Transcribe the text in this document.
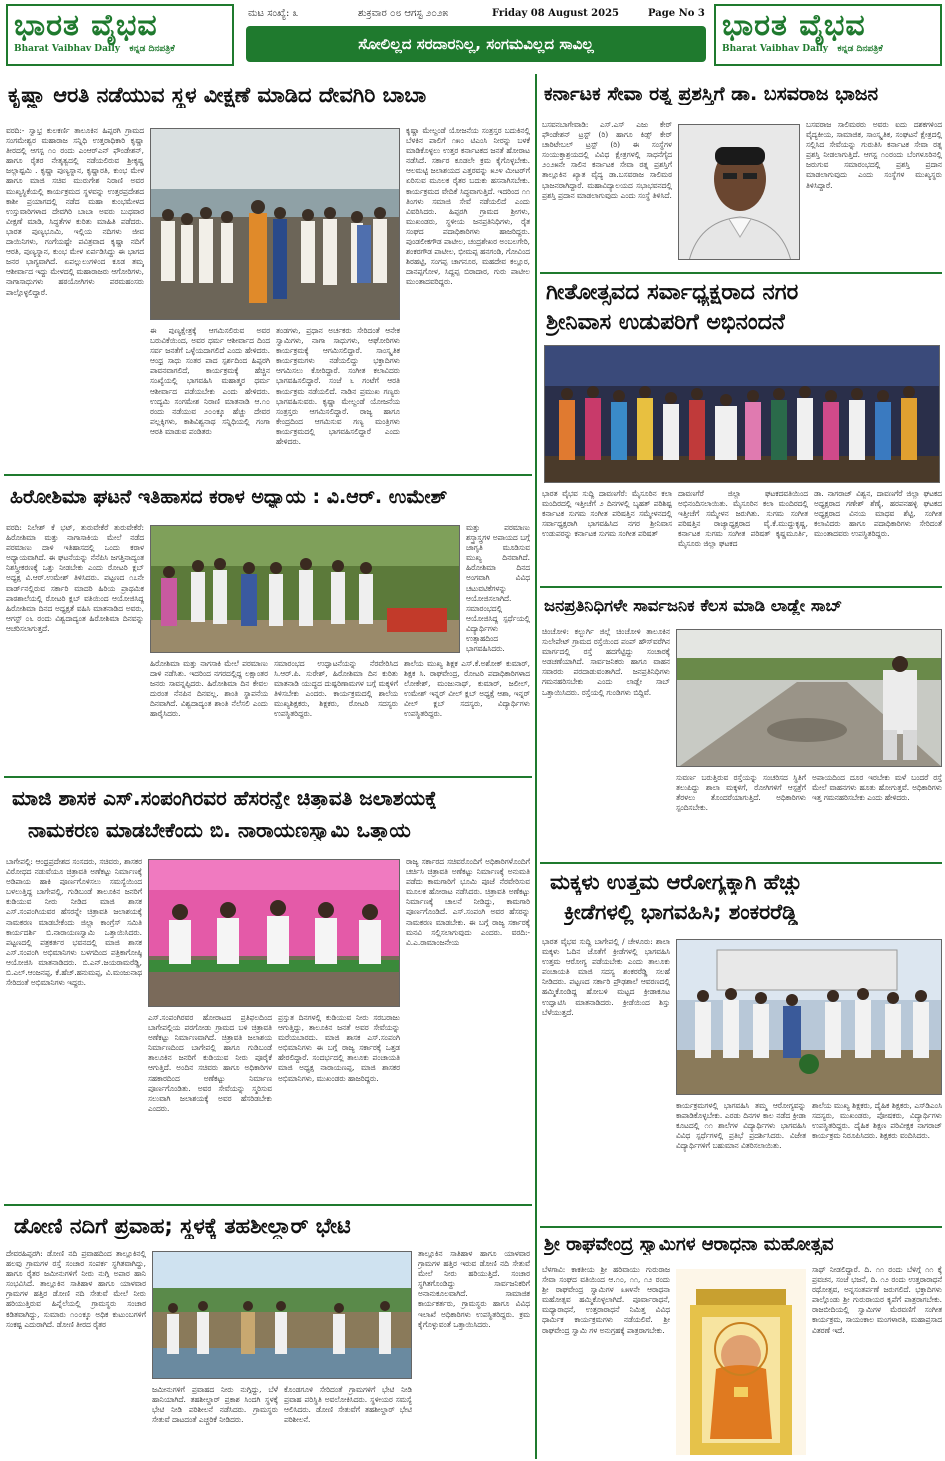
ಭಾರತ ವೈಭವ
Bharat Vaibhav Daily ಕನ್ನಡ ದಿನಪತ್ರಿಕೆ
ಮಟ ಸಂಖ್ಯೆ: ೩	ಶುಕ್ರವಾರ ೦೮ ಆಗಸ್ಟ ೨೦೨೫	Friday 08 August 2025	Page No 3
ಸೋಲಿಲ್ಲದ ಸರದಾರನಿಲ್ಲ, ಸಂಗಮವಿಲ್ಲದ ಸಾವಿಲ್ಲ
ಭಾರತ ವೈಭವ
Bharat Vaibhav Daily ಕನ್ನಡ ದಿನಪತ್ರಿಕೆ
ಕೃಷ್ಣಾ ಆರತಿ ನಡೆಯುವ ಸ್ಥಳ ವೀಕ್ಷಣೆ ಮಾಡಿದ ದೇವಗಿರಿ ಬಾಬಾ
ವರದಿ:- ಸ್ವಾಭ್ರ ಕುಲಕರ್ಣಿ ತಾಲೂಕಿನ ಹಿಪ್ಪರಗಿ ಗ್ರಾಮದ ಸಂಗಮೇಶ್ವರ ಮಹಾರಾಜ ಸನ್ನಿಧಿ ಉತ್ತರಾಧಿಕಾರಿ ಕೃಷ್ಣಾ ತೀರದಲ್ಲಿ ಆಗಸ್ಟ ೧೦ ರಂದು ಎಂಆರ್‌ಎನ್ ಫೌಂಡೇಶನ್, ಹಾಗೂ ರೈತರ ನೇತೃತ್ವದಲ್ಲಿ ನಡೆಯಲಿರುವ ಶ್ರೀಕೃಷ್ಣ ಜಲ್ಲಾಷ್ಟಮಿ . ಕೃಷ್ಣಾ ಪುಣ್ಯಸ್ನಾನ, ಕೃಷ್ಣಾರತಿ, ಕುಂಭ ಮೇಳ ಹಾಗೂ ಮಾಜಿ ಸಚಿವ ಮುರುಗೇಶ ನಿರಾಣಿ ಅವರ ಮುಖ್ಯಸ್ಥಿಕೆಯಲ್ಲಿ ಕಾರ್ಯಕ್ರಮದ ಸ್ಥಳವನ್ನು ಉತ್ತರಪ್ರದೇಶದ ಕಾಶೀ ಪ್ರಯಾಗದಲ್ಲಿ ನಡೆದ ಮಹಾ ಕುಂಭಮೇಳದ ಉಸ್ತುವಾರಿಗಳಾದ ದೇವಗಿರಿ ಬಾಬಾ ಅವರು ಬುಧವಾರ ವೀಕ್ಷಣೆ ಮಾಡಿ, ಸಿದ್ಧತೆಗಳ ಕುರಿತು ಮಾಹಿತಿ ಪಡೆದರು. ಭಾರತ ಪುಣ್ಯಭೂಮಿ, ಇಲ್ಲಿಯ ನದಿಗಳು ಜೀವ ದಾಯಿನಿಗಳು, ಗಂಗೆಯಷ್ಟೇ ಪವಿತ್ರವಾದ ಕೃಷ್ಣಾ ನದಿಗೆ ಆರತಿ, ಪುಣ್ಯಸ್ನಾನ, ಕುಂಭ ಮೇಳ ಏರ್ಪಡಿಸಿದ್ದು ಈ ಭಾಗದ ಜನರ ಭಾಗ್ಯವಾಗಿದೆ. ಏಪಲ್ಲುಲುಗಳಿಂದ ಕೂಡ ತಮ್ಮ ಆಶೀರ್ವಾದ ಇದ್ದು ಮೇಳದಲ್ಲಿ ಮಹಾರಾಜರು ಆಗೋರಿಗಳು, ನಾಗಾಸಾಧುಗಳು ಹಠಯೋಗಿಗಳು ಪರಮಹಂಸರು ಪಾಲ್ಗೊಳ್ಳಲಿದ್ದಾರೆ.
ಕೃಷ್ಣಾ ಮೇಲ್ದಂಡೆ ಯೋಜನೆಯ ಸಂತ್ರಸ್ತರ ಬದುಕಿನಲ್ಲಿ ಬೆಳಕಿನ ಪಾಲಿಗೆ ೧೫೦ ಟಿಎಂಸಿ ನೀರನ್ನು ಬಳಕೆ ಮಾಡಿಕೊಳ್ಳಲು ಉತ್ತರ ಕರ್ನಾಟಕದ ಜನತೆ ಹೋರಾಟ ನಡೆಸಿದೆ. ಸರ್ಕಾರ ಕೂಡಲೇ ಕ್ರಮ ಕೈಗೊಳ್ಳಬೇಕು. ಆಲಮಟ್ಟಿ ಜಲಾಶಯದ ಎತ್ತರವನ್ನು ೫೨೪ ಮೀಟರ್‌ಗೆ ಏರಿಸುವ ಮೂಲಕ ರೈತರ ಬದುಕು ಹಸನಾಗಿಸಬೇಕು. ಕಾರ್ಯಕ್ರಮದ ವೇದಿಕೆ ಸಿದ್ಧವಾಗುತ್ತಿದೆ. ಇದರಿಂದ ೧೧ ತಿಂಗಳು ಸಮಾಜಿ ಸೇವೆ ನಡೆಯಲಿದೆ ಎಂದು ವಿವರಿಸಿದರು. ಹಿಪ್ಪರಗಿ ಗ್ರಾಮದ ಶ್ರೀಗಳು, ಮುಖಂಡರು, ಸ್ಥಳೀಯ ಜನಪ್ರತಿನಿಧಿಗಳು, ರೈತ ಸಂಘದ ಪದಾಧಿಕಾರಿಗಳು ಹಾಜರಿದ್ದರು. ಪುಂಡಲೀಕಗೌಡ ಪಾಟೀಲ, ಚಂದ್ರಶೇಖರ ಅಂಬಲಗೇರಿ, ಶಂಕರಗೌಡ ಪಾಟೀಲ, ಭೀಮಪ್ಪ ಹನಗಂಡಿ, ಗೋವಿಂದ ಶಿರಹಟ್ಟಿ, ಸಂಗಪ್ಪ ಚಾಗನೂರ, ಮಹದೇವ ಕಲ್ಲೂರ, ದಾನಪ್ಪಗೋಳ, ಸಿದ್ದಪ್ಪ ಬಿರಾದಾರ, ಗುರು ಪಾಟೀಲ ಮುಂತಾದವರಿದ್ದರು.
ಈ ಪುಣ್ಯಕ್ಷೇತ್ರಕ್ಕೆ ಆಗಮಿಸಲಿರುವ ಅವರ ಬರುವಿಕೆಯಿಂದ, ಅವರ ಧರ್ಮ ಆಶೀರ್ವಾದ ದಿಂದ ಸರ್ವ ಜನತೆಗೆ ಒಳ್ಳೆಯದಾಗಲಿದೆ ಎಂದು ಹೇಳಿದರು. ಆಂಧ್ರ ಸಾಧು ಸಂತರ ಪಾದ ಸ್ಪರ್ಶದಿಂದ ಹಿಪ್ಪರಗಿ ಪಾವನವಾಗಲಿದೆ, ಕಾರ್ಯಕ್ರಮಕ್ಕೆ ಹೆಚ್ಚಿನ ಸಂಖ್ಯೆಯಲ್ಲಿ ಭಾಗವಹಿಸಿ ಮಹಾತ್ಮರ ಧರ್ಮ ಆಶೀರ್ವಾದ ಪಡೆಯಬೇಕು ಎಂದು ಹೇಳಿದರು. ಉದ್ಯಮಿ ಸಂಗಮೇಶ ನಿರಾಣಿ ಮಾತನಾಡಿ ಆ.೧೦ ರಂದು ನಡೆಯುವ ೨೦೦ಕ್ಕೂ ಹೆಚ್ಚು ದೇವರ ಪಲ್ಲಕ್ಕಿಗಳು, ಕಾಶಿವಿಶ್ವನಾಥ ಸನ್ನಿಧಿಯಲ್ಲಿ ಗಂಗಾ ಆರತಿ ಮಾಡುವ ಪಂಡಿತರು
ತಂಡಗಳು, ಪ್ರಧಾನ ಅರ್ಚಕರು ಸೇರಿದಂತೆ ಆನೇಕ ಸ್ವಾಮಿಗಳು, ನಾಗಾ ಸಾಧುಗಳು, ಆಘೋರಿಗಳು ಕಾರ್ಯಕ್ರಮಕ್ಕೆ ಆಗಮಿಸಲಿದ್ದಾರೆ. ಸಾಂಸ್ಕೃತಿಕ ಕಾರ್ಯಕ್ರಮಗಳು ನಡೆಯಲಿದ್ದು ಭಕ್ತಾದಿಗಳು ಆಗಮಿಸಲು ಕೋರಿದ್ದಾರೆ. ಸಂಗೀತ ಕಲಾವಿದರು ಭಾಗವಹಿಸಲಿದ್ದಾರೆ. ಸಂಜೆ ೬ ಗಂಟೆಗೆ ಆರತಿ ಕಾರ್ಯಕ್ರಮ ನಡೆಯಲಿದೆ. ನಾಡಿನ ಪ್ರಮುಖ ಗಣ್ಯರು ಭಾಗವಹಿಸುವರು. ಕೃಷ್ಣಾ ಮೇಲ್ದಂಡೆ ಯೋಜನೆಯ ಸಂತ್ರಸ್ತರು ಆಗಮಿಸಲಿದ್ದಾರೆ. ರಾಜ್ಯ ಹಾಗೂ ಕೇಂದ್ರದಿಂದ ಆಗಮಿಸುವ ಗಣ್ಯ ಮಂತ್ರಿಗಳು ಕಾರ್ಯಕ್ರಮದಲ್ಲಿ ಭಾಗವಹಿಸಲಿದ್ದಾರೆ ಎಂದು ಹೇಳಿದರು.
ಹಿರೋಶಿಮಾ ಘಟನೆ ಇತಿಹಾಸದ ಕರಾಳ ಅಧ್ಯಾಯ : ವಿ.ಆರ್. ಉಮೇಶ್
ವರದಿ: ನಿಲೇಶ್ ಕೆ ಭಟ್, ತುರುವೇಕೆರೆ ತುರುವೇಕೆರೆ: ಹಿರೋಶಿಮಾ ಮತ್ತು ನಾಗಾಸಾಕಿಯ ಮೇಲೆ ನಡೆದ ಪರಮಾಣು ದಾಳಿ ಇತಿಹಾಸದಲ್ಲಿ ಒಂದು ಕರಾಳ ಅಧ್ಯಾಯವಾಗಿದೆ. ಈ ಘಟನೆಯನ್ನು ನೆನೆಪಿಸಿ ಜಗತ್ತಿನಾದ್ಯಂತ ನಿಶಸ್ತ್ರೀಕರಣಕ್ಕೆ ಒತ್ತು ನೀಡಬೇಕು ಎಂದು ರೋಟರಿ ಕ್ಲಬ್ ಅಧ್ಯಕ್ಷ ವಿ.ಆರ್.ಉಮೇಶ್ ತಿಳಿಸಿದರು. ಪಟ್ಟಣದ ೧೭ನೇ ವಾರ್ಡ್‌ನಲ್ಲಿರುವ ಸರ್ಕಾರಿ ಮಾದರಿ ಹಿರಿಯ ಪ್ರಾಥಮಿಕ ಪಾಠಶಾಲೆಯಲ್ಲಿ ರೋಟರಿ ಕ್ಲಬ್ ವತಿಯಿಂದ ಆಯೋಜಿಸಿದ್ದ ಹಿರೋಶಿಮಾ ದಿನದ ಅಧ್ಯಕ್ಷತೆ ವಹಿಸಿ ಮಾತನಾಡಿದ ಅವರು, ಆಗಸ್ಟ್ ೦೬ ರಂದು ವಿಶ್ವದಾದ್ಯಂತ ಹಿರೋಶಿಮಾ ದಿನವನ್ನು ಆಚರಿಸಲಾಗುತ್ತದೆ.
ಮತ್ತು ಪರಮಾಣು ಶಸ್ತ್ರಾಸ್ತ್ರಗಳ ಅಪಾಯದ ಬಗ್ಗೆ ಜಾಗೃತಿ ಮೂಡಿಸುವ ಮುಖ್ಯ ದಿನವಾಗಿದೆ. ಹಿರೋಶಿಮಾ ದಿನದ ಅಂಗವಾಗಿ ವಿವಿಧ ಚಟುವಟಿಕೆಗಳನ್ನು ಆಯೋಜಿಸಲಾಗಿದೆ. ಸಮಾರಂಭದಲ್ಲಿ ಆಯೋಜಿಸಿದ್ದ ಸ್ಪರ್ಧೆಯಲ್ಲಿ ವಿದ್ಯಾರ್ಥಿಗಳು ಉತ್ಸಾಹದಿಂದ ಭಾಗವಹಿಸಿದರು.
ಹಿರೋಶಿಮಾ ಮತ್ತು ನಾಗಸಾಕಿ ಮೇಲೆ ಪರಮಾಣು ದಾಳಿ ನಡೆಸಿತು. ಇದರಿಂದ ನಗರದಲ್ಲಿದ್ದ ಲಕ್ಷಾಂತರ ಜನರು ಸಾವನ್ನಪ್ಪಿದರು. ಹಿರೋಶಿಮಾ ದಿನ ಕೇವಲ ದುರಂತ ನೆನಪಿನ ದಿನವಲ್ಲ. ಶಾಂತಿ ಸ್ಥಾಪನೆಯ ದಿನವಾಗಿದೆ. ವಿಶ್ವದಾದ್ಯಂತ ಶಾಂತಿ ನೆಲೆಸಲಿ ಎಂದು ಹಾರೈಸಿದರು.
ಸಮಾರಂಭದ ಉದ್ಘಾಟನೆಯನ್ನು ನೆರವೇರಿಸಿದ ಸಿ.ಆರ್.ಪಿ. ಸುರೇಶ್, ಹಿರೋಶಿಮಾ ದಿನ ಕುರಿತು ಮಾತನಾಡಿ ಯುದ್ಧದ ದುಷ್ಪರಿಣಾಮಗಳ ಬಗ್ಗೆ ಮಕ್ಕಳಿಗೆ ತಿಳಿಸಬೇಕು ಎಂದರು. ಕಾರ್ಯಕ್ರಮದಲ್ಲಿ ಶಾಲೆಯ ಮುಖ್ಯಶಿಕ್ಷಕರು, ಶಿಕ್ಷಕರು, ರೋಟರಿ ಸದಸ್ಯರು ಉಪಸ್ಥಿತರಿದ್ದರು.
ಶಾಲೆಯ ಮುಖ್ಯ ಶಿಕ್ಷಕ ಎಸ್.ಕೆ.ಅಶೋಕ್ ಕುಮಾರ್, ಶಿಕ್ಷಕ ಸಿ. ರಾಘವೇಂದ್ರ, ರೋಟರಿ ಪದಾಧಿಕಾರಿಗಳಾದ ಲೋಕೇಶ್, ಮಂಜುನಾಥ್, ಕುಮಾರ್, ಜಲೀಲ್, ಉಮೇಶ್ ಇನ್ನರ್ ವೀಲ್ ಕ್ಲಬ್ ಅಧ್ಯಕ್ಷೆ ಆಶಾ, ಇನ್ನರ್ ವೀಲ್ ಕ್ಲಬ್ ಸದಸ್ಯರು, ವಿದ್ಯಾರ್ಥಿಗಳು ಉಪಸ್ಥಿತರಿದ್ದರು.
ಮಾಜಿ ಶಾಸಕ ಎಸ್.ಸಂಪಂಗಿರವರ ಹೆಸರನ್ನೇ ಚಿತ್ರಾವತಿ ಜಲಾಶಯಕ್ಕೆ
ನಾಮಕರಣ ಮಾಡಬೇಕೆಂದು ಬಿ. ನಾರಾಯಣಸ್ವಾಮಿ ಒತ್ತಾಯ
ಬಾಗೇಪಲ್ಲಿ: ಆಂಧ್ರಪ್ರದೇಶದ ಸಂಸದರು, ಸಚಿವರು, ಶಾಸಕರ ವಿರೋಧದ ನಡುವೆಯೂ ಚಿತ್ರಾವತಿ ಅಣೆಕಟ್ಟು ನಿರ್ಮಾಣಕ್ಕೆ ಅಡಿಪಾಯ ಹಾಕಿ ಪೂರ್ಣಗೊಳಿಸಲು ಸಮಸ್ಯೆಯಿಂದ ಬಳಲುತ್ತಿದ್ದ ಬಾಗೇಪಲ್ಲಿ, ಗುಡಿಬಂಡೆ ತಾಲೂಕಿನ ಜನರಿಗೆ ಕುಡಿಯುವ ನೀರು ನೀಡಿದ ಮಾಜಿ ಶಾಸಕ ಎಸ್.ಸಂಪಂಗಿಯವರ ಹೆಸರನ್ನೇ ಚಿತ್ರಾವತಿ ಜಲಾಶಯಕ್ಕೆ ನಾಮಕರಣ ಮಾಡಬೇಕೆಂದು ಜಿಲ್ಲಾ ಕಾಂಗ್ರೆಸ್ ಸಮಿತಿ ಕಾರ್ಯದರ್ಶಿ ಬಿ.ನಾರಾಯಣಸ್ವಾಮಿ ಒತ್ತಾಯಿಸಿದರು. ಪಟ್ಟಣದಲ್ಲಿ ಪತ್ರಕರ್ತರ ಭವನದಲ್ಲಿ ಮಾಜಿ ಶಾಸಕ ಎಸ್.ಸಂಪಂಗಿ ಅಭಿಮಾನಿಗಳು ಬಳಗದಿಂದ ಪತ್ರಿಕಾಗೋಷ್ಠಿ ಆಯೋಜಿಸಿ ಮಾತನಾಡಿದರು. ಬಿ.ಎನ್.ಜಯರಾಮರೆಡ್ಡಿ, ಬಿ.ಎಲ್.ಆಂಜನಪ್ಪ, ಕೆ.ಹೆಚ್.ಹನುಮಪ್ಪ, ವಿ.ಮಂಜುನಾಥ ಸೇರಿದಂತೆ ಅಭಿಮಾನಿಗಳು ಇದ್ದರು.
ಎಸ್.ಸಂಪಂಗಿರವರ ಹೋರಾಟದ ಪ್ರತಿಫಲದಿಂದ ಬಾಗೇಪಲ್ಲಿಯ ಪರಗೋಡು ಗ್ರಾಮದ ಬಳಿ ಚಿತ್ರಾವತಿ ಅಣೆಕಟ್ಟು ನಿರ್ಮಾಣವಾಗಿದೆ. ಚಿತ್ರಾವತಿ ಜಲಾಶಯ ನಿರ್ಮಾಣದಿಂದ ಬಾಗೇಪಲ್ಲಿ ಹಾಗೂ ಗುಡಿಬಂಡೆ ತಾಲೂಕಿನ ಜನರಿಗೆ ಕುಡಿಯುವ ನೀರು ಪೂರೈಕೆ ಆಗುತ್ತಿದೆ. ಅಂದಿನ ಸಚಿವರು ಹಾಗೂ ಅಧಿಕಾರಿಗಳ ಸಹಕಾರದಿಂದ ಅಣೆಕಟ್ಟು ನಿರ್ಮಾಣ ಪೂರ್ಣಗೊಂಡಿತು. ಅವರ ಸೇವೆಯನ್ನು ಸ್ಮರಿಸುವ ಸಲುವಾಗಿ ಜಲಾಶಯಕ್ಕೆ ಅವರ ಹೆಸರಿಡಬೇಕು ಎಂದರು.
ಪ್ರಸ್ತುತ ದಿನಗಳಲ್ಲಿ ಕುಡಿಯುವ ನೀರು ಸರಬರಾಜು ಆಗುತ್ತಿದ್ದು, ತಾಲೂಕಿನ ಜನತೆ ಅವರ ಸೇವೆಯನ್ನು ಮರೆಯಬಾರದು. ಮಾಜಿ ಶಾಸಕ ಎಸ್.ಸಂಪಂಗಿ ಅಭಿಮಾನಿಗಳು ಈ ಬಗ್ಗೆ ರಾಜ್ಯ ಸರ್ಕಾರಕ್ಕೆ ಒತ್ತಡ ಹೇರಲಿದ್ದಾರೆ. ಸಂದರ್ಭದಲ್ಲಿ ತಾಲೂಕು ಪಂಚಾಯತಿ ಮಾಜಿ ಅಧ್ಯಕ್ಷ ನಾರಾಯಣಪ್ಪ, ಮಾಜಿ ಶಾಸಕರ ಅಭಿಮಾನಿಗಳು, ಮುಖಂಡರು ಹಾಜರಿದ್ದರು.
ರಾಜ್ಯ ಸರ್ಕಾರದ ಸಚಿವರೊಂದಿಗೆ ಅಧಿಕಾರಿಗಳೊಂದಿಗೆ ಚರ್ಚಿಸಿ ಚಿತ್ರಾವತಿ ಅಣೆಕಟ್ಟು ನಿರ್ಮಾಣಕ್ಕೆ ಅನುಮತಿ ಪಡೆದು ಕಾಮಗಾರಿಗೆ ಭೂಮಿ ಪೂಜೆ ನೆರವೇರಿಸುವ ಮೂಲಕ ಹೋರಾಟ ನಡೆಸಿದರು. ಚಿತ್ರಾವತಿ ಅಣೆಕಟ್ಟು ನಿರ್ಮಾಣಕ್ಕೆ ಚಾಲನೆ ನೀಡಿದ್ದು, ಕಾಮಗಾರಿ ಪೂರ್ಣಗೊಂಡಿದೆ. ಎಸ್.ಸಂಪಂಗಿ ಅವರ ಹೆಸರನ್ನು ನಾಮಕರಣ ಮಾಡಬೇಕು. ಈ ಬಗ್ಗೆ ರಾಜ್ಯ ಸರ್ಕಾರಕ್ಕೆ ಮನವಿ ಸಲ್ಲಿಸಲಾಗುವುದು ಎಂದರು. ವರದಿ:-ವಿ.ಎ.ರಾಮಾಂಜನೇಯ
ಡೋಣಿ ನದಿಗೆ ಪ್ರವಾಹ; ಸ್ಥಳಕ್ಕೆ ತಹಶೀಲ್ದಾರ್ ಭೇಟಿ
ದೇವರಹಿಪ್ಪರಗಿ: ಡೋಣಿ ನದಿ ಪ್ರವಾಹದಿಂದ ತಾಲ್ಲೂಕಿನಲ್ಲಿ ಹಲವು ಗ್ರಾಮಗಳ ರಸ್ತೆ ಸಂಚಾರ ಸಂಪರ್ಕ ಸ್ಥಗಿತವಾಗಿದ್ದು, ಹಾಗೂ ರೈತರ ಜಮೀನುಗಳಿಗೆ ನೀರು ನುಗ್ಗಿ ಅಪಾರ ಹಾನಿ ಸಂಭವಿಸಿದೆ. ತಾಲ್ಲೂಕಿನ ಸಾತಿಹಾಳ ಹಾಗೂ ಯಾಳವಾರ ಗ್ರಾಮಗಳ ಹತ್ತಿರ ಡೋಣಿ ನದಿ ಸೇತುವೆ ಮೇಲೆ ನೀರು ಹರಿಯುತ್ತಿರುವ ಹಿನ್ನೆಲೆಯಲ್ಲಿ ಗ್ರಾಮಸ್ಥರು ಸಂಚಾರ ಕಡಿತವಾಗಿದ್ದು, ಸುಮಾರು ೧೦೦ಕ್ಕೂ ಅಧಿಕ ಕುಟುಂಬಗಳಿಗೆ ಸಂಕಷ್ಟ ಎದುರಾಗಿದೆ. ಡೋಣಿ ತೀರದ ರೈತರ
ತಾಲ್ಲೂಕಿನ ಸಾತಿಹಾಳ ಹಾಗೂ ಯಾಳವಾರ ಗ್ರಾಮಗಳ ಹತ್ತಿರ ಇರುವ ಡೋಣಿ ನದಿ ಸೇತುವೆ ಮೇಲೆ ನೀರು ಹರಿಯುತ್ತಿದೆ. ಸಂಚಾರ ಸ್ಥಗಿತಗೊಂಡಿದ್ದು ಸಾರ್ವಜನಿಕರಿಗೆ ಅನಾನುಕೂಲವಾಗಿದೆ. ಸಾಮಾಜಿಕ ಕಾರ್ಯಕರ್ತರು, ಗ್ರಾಮಸ್ಥರು ಹಾಗೂ ವಿವಿಧ ಇಲಾಖೆ ಅಧಿಕಾರಿಗಳು ಉಪಸ್ಥಿತರಿದ್ದರು. ಕ್ರಮ ಕೈಗೊಳ್ಳುವಂತೆ ಒತ್ತಾಯಿಸಿದರು.
ಜಮೀನುಗಳಿಗೆ ಪ್ರವಾಹದ ನೀರು ನುಗ್ಗಿದ್ದು, ಬೆಳೆ ಹಾನಿಯಾಗಿದೆ. ತಹಶೀಲ್ದಾರ್ ಪ್ರಕಾಶ ಸಿಂದಗಿ ಸ್ಥಳಕ್ಕೆ ಭೇಟಿ ನೀಡಿ ಪರಿಶೀಲನೆ ನಡೆಸಿದರು. ಗ್ರಾಮಸ್ಥರು ಸೇತುವೆ ದಾಟದಂತೆ ಎಚ್ಚರಿಕೆ ನೀಡಿದರು.
ಕೊಂಡಗೂಳಿ ಸೇರಿದಂತೆ ಗ್ರಾಮಗಳಿಗೆ ಭೇಟಿ ನೀಡಿ ಪ್ರವಾಹ ಪರಿಸ್ಥಿತಿ ಅವಲೋಕಿಸಿದರು. ಸ್ಥಳೀಯರ ಸಮಸ್ಯೆ ಆಲಿಸಿದರು. ಡೋಣಿ ಸೇತುವೆಗೆ ತಹಶೀಲ್ದಾರ್ ಭೇಟಿ ಪರಿಶೀಲನೆ.
ಕರ್ನಾಟಕ ಸೇವಾ ರತ್ನ ಪ್ರಶಸ್ತಿಗೆ ಡಾ. ಬಸವರಾಜ ಭಾಜನ
ಬಸವನಬಾಗೇವಾಡಿ: ಎಸ್.ಎಸ್ ಎಜು ಕೇರ್ ಫೌಂಡೇಶನ್ ಟ್ರಸ್ಟ್ (ರಿ) ಹಾಗೂ ಕಿಡ್ಸ್ ಕೇರ್ ಚಾರಿಟೇಬಲ್ ಟ್ರಸ್ಟ್ (ರಿ) ಈ ಸಂಸ್ಥೆಗಳ ಸಂಯುಕ್ತಾಶ್ರಯದಲ್ಲಿ ವಿವಿಧ ಕ್ಷೇತ್ರಗಳಲ್ಲಿ ಸಾಧನೆಗೈದ ೨೦೨೫ನೇ ಸಾಲಿನ ಕರ್ನಾಟಕ ಸೇವಾ ರತ್ನ ಪ್ರಶಸ್ತಿಗೆ ತಾಲ್ಲೂಕಿನ ಖ್ಯಾತ ವೈದ್ಯ ಡಾ.ಬಸವರಾಜ ಸಾಲಿಮಠ ಭಾಜನರಾಗಿದ್ದಾರೆ. ಮಹಾವಿದ್ಯಾಲಯದ ಸಭಾಭವನದಲ್ಲಿ ಪ್ರಶಸ್ತಿ ಪ್ರದಾನ ಮಾಡಲಾಗುವುದು ಎಂದು ಸಂಸ್ಥೆ ತಿಳಿಸಿದೆ.
ಬಸವರಾಜ ಸಾಲಿಮಠರು ಅವರು ಐದು ದಶಕಗಳಿಂದ ವೈದ್ಯಕೀಯ, ಸಾಮಾಜಿಕ, ಸಾಂಸ್ಕೃತಿಕ, ಸಂಘಟನೆ ಕ್ಷೇತ್ರದಲ್ಲಿ ಸಲ್ಲಿಸಿದ ಸೇವೆಯನ್ನು ಗುರುತಿಸಿ ಕರ್ನಾಟಕ ಸೇವಾ ರತ್ನ ಪ್ರಶಸ್ತಿ ನೀಡಲಾಗುತ್ತಿದೆ. ಆಗಸ್ಟ ೧೦ರಂದು ಬೆಂಗಳೂರಿನಲ್ಲಿ ಜರುಗುವ ಸಮಾರಂಭದಲ್ಲಿ ಪ್ರಶಸ್ತಿ ಪ್ರದಾನ ಮಾಡಲಾಗುವುದು ಎಂದು ಸಂಸ್ಥೆಗಳ ಮುಖ್ಯಸ್ಥರು ತಿಳಿಸಿದ್ದಾರೆ.
ಗೀತೋತ್ಸವದ ಸರ್ವಾಧ್ಯಕ್ಷರಾದ ನಗರ
ಶ್ರೀನಿವಾಸ ಉಡುಪರಿಗೆ ಅಭಿನಂದನೆ
ಭಾರತ ವೈಭವ ಸುದ್ದಿ ದಾವಣಗೆರೆ: ಮೈಸೂರಿನ ಕಲಾ ಮಂದಿರದಲ್ಲಿ ಇತ್ತೀಚೆಗೆ ೨ ದಿನಗಳಲ್ಲಿ ಬೃಹತ್ ಪರಿಶಿಷ್ಟ ಕರ್ನಾಟಕ ಸುಗಮ ಸಂಗೀತ ಪರಿಷತ್ತಿನ ಸಮ್ಮೇಳನದಲ್ಲಿ ಸರ್ವಾಧ್ಯಕ್ಷರಾಗಿ ಭಾಗವಹಿಸಿದ ನಗರ ಶ್ರೀನಿವಾಸ ಉಡುಪರನ್ನು ಕರ್ನಾಟಕ ಸುಗಮ ಸಂಗೀತ ಪರಿಷತ್
ದಾವಣಗೆರೆ ಜಿಲ್ಲಾ ಘಟಕದವತಿಯಿಂದ ಅಭಿನಂದಿಸಲಾಯಿತು. ಮೈಸೂರಿನ ಕಲಾ ಮಂದಿರದಲ್ಲಿ ಇತ್ತೀಚೆಗೆ ಸಮ್ಮೇಳನ ಜರುಗಿತು. ಸುಗಮ ಸಂಗೀತ ಪರಿಷತ್ತಿನ ರಾಜ್ಯಾಧ್ಯಕ್ಷರಾದ ವೈ.ಕೆ.ಮುದ್ದುಕೃಷ್ಣ, ಕರ್ನಾಟಕ ಸುಗಮ ಸಂಗೀತ ಪರಿಷತ್ ಕೃಷ್ಣಮೂರ್ತಿ, ಮೈಸೂರು ಜಿಲ್ಲಾ ಘಟಕದ
ಡಾ. ನಾಗರಾಜ್ ವಿಶ್ವನ, ದಾವಣಗೆರೆ ಜಿಲ್ಲಾ ಘಟಕದ ಅಧ್ಯಕ್ಷರಾದ ಗಣೇಶ್ ಶೆಣೈ, ಹರಪನಹಳ್ಳಿ ಘಟಕದ ಅಧ್ಯಕ್ಷರಾದ ವಿನಯ ಮಾಧವ ಶೆಟ್ಟಿ, ಸಂಗೀತ ಕಲಾವಿದರು ಹಾಗೂ ಪದಾಧಿಕಾರಿಗಳು ಸೇರಿದಂತೆ ಮುಂತಾದವರು ಉಪಸ್ಥಿತರಿದ್ದರು.
ಜನಪ್ರತಿನಿಧಿಗಳೇ ಸಾರ್ವಜನಿಕ ಕೆಲಸ ಮಾಡಿ ಲಾಡ್ಲೇ ಸಾಬ್
ಚಿಂಚೋಳಿ: ಕಲ್ಬುರ್ಗಿ ಜಿಲ್ಲೆ ಚಿಂಚೋಳಿ ತಾಲೂಕಿನ ಸುಲೇಪೇಟ್ ಗ್ರಾಮದ ರಸ್ತೆಯಿಂದ ಪಂಪ್ ಹೌಸ್‌ವರೆಗಿನ ಮಾರ್ಗದಲ್ಲಿ ರಸ್ತೆ ಹದಗೆಟ್ಟಿದ್ದು ಸಂಚಾರಕ್ಕೆ ಅಡಚಣೆಯಾಗಿದೆ. ಸಾರ್ವಜನಿಕರು ಹಾಗೂ ವಾಹನ ಸವಾರರು ಪರದಾಡುವಂತಾಗಿದೆ. ಜನಪ್ರತಿನಿಧಿಗಳು ಗಮನಹರಿಸಬೇಕು ಎಂದು ಲಾಡ್ಲೇ ಸಾಬ್ ಒತ್ತಾಯಿಸಿದರು. ರಸ್ತೆಯಲ್ಲಿ ಗುಂಡಿಗಳು ಬಿದ್ದಿವೆ.
ಸುವರ್ಣ ಬರುತ್ತಿರುವ ರಸ್ತೆಯನ್ನು ಸಂಚರಿಸದ ಸ್ಥಿತಿಗೆ ತಲುಪಿದ್ದು ಶಾಲಾ ಮಕ್ಕಳಿಗೆ, ರೋಗಿಗಳಿಗೆ ಆಸ್ಪತ್ರೆಗೆ ತೆರಳಲು ತೊಂದರೆಯಾಗುತ್ತಿದೆ. ಅಧಿಕಾರಿಗಳು ಸ್ಪಂದಿಸಬೇಕು.
ಅಪಾಯದಿಂದ ದೂರ ಇರಬೇಕು ಮಳೆ ಬಂದರೆ ರಸ್ತೆ ಮೇಲೆ ವಾಹನಗಳು ಹೂತು ಹೋಗುತ್ತವೆ. ಅಧಿಕಾರಿಗಳು ಇತ್ತ ಗಮನಹರಿಸಬೇಕು ಎಂದು ಹೇಳಿದರು.
ಮಕ್ಕಳು ಉತ್ತಮ ಆರೋಗ್ಯಕ್ಕಾಗಿ ಹೆಚ್ಚು
ಕ್ರೀಡೆಗಳಲ್ಲಿ ಭಾಗವಹಿಸಿ; ಶಂಕರರೆಡ್ಡಿ
ಭಾರತ ವೈಭವ ಸುದ್ದಿ ಬಾಗೇಪಲ್ಲಿ / ಚೇಳೂರು: ಶಾಲಾ ಮಕ್ಕಳು ಓದಿನ ಜೊತೆಗೆ ಕ್ರೀಡೆಗಳಲ್ಲಿ ಭಾಗವಹಿಸಿ ಉತ್ತಮ ಆರೋಗ್ಯ ಪಡೆಯಬೇಕು ಎಂದು ತಾಲೂಕು ಪಂಚಾಯತಿ ಮಾಜಿ ಸದಸ್ಯ ಶಂಕರರೆಡ್ಡಿ ಸಲಹೆ ನೀಡಿದರು. ಪಟ್ಟಣದ ಸರ್ಕಾರಿ ಪ್ರೌಢಶಾಲೆ ಆವರಣದಲ್ಲಿ ಹಮ್ಮಿಕೊಂಡಿದ್ದ ಹೋಬಳಿ ಮಟ್ಟದ ಕ್ರೀಡಾಕೂಟ ಉದ್ಘಾಟಿಸಿ ಮಾತನಾಡಿದರು. ಕ್ರೀಡೆಯಿಂದ ಶಿಸ್ತು ಬೆಳೆಯುತ್ತದೆ.
ಕಾರ್ಯಕ್ರಮಗಳಲ್ಲಿ ಭಾಗವಹಿಸಿ ತಮ್ಮ ಆರೋಗ್ಯವನ್ನು ಕಾಪಾಡಿಕೊಳ್ಳಬೇಕು. ಎರಡು ದಿನಗಳ ಕಾಲ ನಡೆದ ಕ್ರೀಡಾ ಕೂಟದಲ್ಲಿ ೧೧ ಶಾಲೆಗಳ ವಿದ್ಯಾರ್ಥಿಗಳು ಭಾಗವಹಿಸಿ ವಿವಿಧ ಸ್ಪರ್ಧೆಗಳಲ್ಲಿ ಪ್ರತಿಭೆ ಪ್ರದರ್ಶಿಸಿದರು. ವಿಜೇತ ವಿದ್ಯಾರ್ಥಿಗಳಿಗೆ ಬಹುಮಾನ ವಿತರಿಸಲಾಯಿತು.
ಶಾಲೆಯ ಮುಖ್ಯ ಶಿಕ್ಷಕರು, ದೈಹಿಕ ಶಿಕ್ಷಕರು, ಎಸ್‌ಡಿಎಂಸಿ ಸದಸ್ಯರು, ಮುಖಂಡರು, ಪೋಷಕರು, ವಿದ್ಯಾರ್ಥಿಗಳು ಉಪಸ್ಥಿತರಿದ್ದರು. ದೈಹಿಕ ಶಿಕ್ಷಣ ಪರಿವೀಕ್ಷಕ ನಾಗರಾಜ್ ಕಾರ್ಯಕ್ರಮ ನಿರೂಪಿಸಿದರು. ಶಿಕ್ಷಕರು ವಂದಿಸಿದರು.
ಶ್ರೀ ರಾಘವೇಂದ್ರ ಸ್ವಾಮಿಗಳ ಆರಾಧನಾ ಮಹೋತ್ಸವ
ಬೆಳಗಾವಿ: ಕಾಕತೀಯ ಶ್ರೀ ಹರಿವಾಯು ಗುರುರಾಜ ಸೇವಾ ಸಂಘದ ವತಿಯಿಂದ ಆ.೧೦, ೧೧, ೧೨ ರಂದು ಶ್ರೀ ರಾಘವೇಂದ್ರ ಸ್ವಾಮಿಗಳ ೩೫೪ನೇ ಆರಾಧನಾ ಮಹೋತ್ಸವ ಹಮ್ಮಿಕೊಳ್ಳಲಾಗಿದೆ. ಪೂರ್ವಾರಾಧನೆ, ಮಧ್ಯಾರಾಧನೆ, ಉತ್ತರಾರಾಧನೆ ನಿಮಿತ್ತ ವಿವಿಧ ಧಾರ್ಮಿಕ ಕಾರ್ಯಕ್ರಮಗಳು ನಡೆಯಲಿವೆ. ಶ್ರೀ ರಾಘವೇಂದ್ರ ಸ್ವಾಮಿ ಗಳ ಅನುಗ್ರಹಕ್ಕೆ ಪಾತ್ರರಾಗಬೇಕು.
ಸಾಥ್ ನೀಡಲಿದ್ದಾರೆ. ದಿ. ೧೧ ರಂದು ಬೆಳಿಗ್ಗೆ ೧೧ ಕ್ಕೆ ಪ್ರವಚನ, ಸಂಜೆ ಭಜನೆ, ದಿ. ೧೨ ರಂದು ಉತ್ತರಾರಾಧನೆ ರಥೋತ್ಸವ, ಅನ್ನಸಂತರ್ಪಣೆ ಜರುಗಲಿದೆ. ಭಕ್ತಾದಿಗಳು ಪಾಲ್ಗೊಂಡು ಶ್ರೀ ಗುರುರಾಯರ ಕೃಪೆಗೆ ಪಾತ್ರರಾಗಬೇಕು. ರಾಜಬೀದಿಯಲ್ಲಿ ಸ್ವಾಮಿಗಳ ಮೆರವಣಿಗೆ ಸಂಗೀತ ಕಾರ್ಯಕ್ರಮ, ಸಾಯಂಕಾಲ ಮಂಗಳಾರತಿ, ಮಹಾಪ್ರಸಾದ ವಿತರಣೆ ಇದೆ.
